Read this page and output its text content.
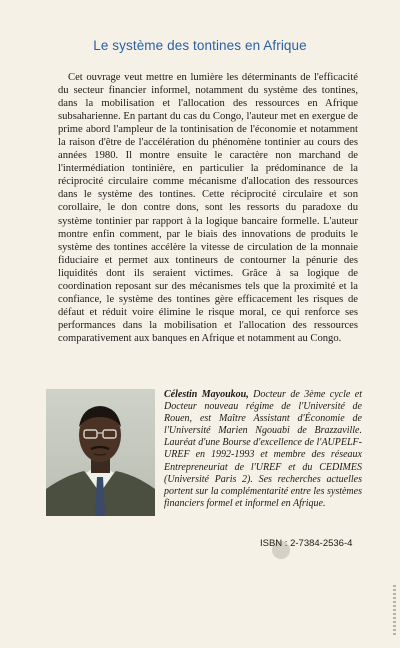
Le système des tontines en Afrique

Cet ouvrage veut mettre en lumière les déterminants de l'efficacité du secteur financier informel, notamment du système des tontines, dans la mobilisation et l'allocation des ressources en Afrique subsaharienne. En partant du cas du Congo, l'auteur met en exergue de prime abord l'ampleur de la tontinisation de l'économie et notamment la raison d'être de l'accélération du phénomène tontinier au cours des années 1980. Il montre ensuite le caractère non marchand de l'intermédiation tontinière, en particulier la prédominance de la réciprocité circulaire comme mécanisme d'allocation des ressources dans le système des tontines. Cette réciprocité circulaire et son corollaire, le don contre dons, sont les ressorts du paradoxe du système tontinier par rapport à la logique bancaire formelle. L'auteur montre enfin comment, par le biais des innovations de produits le système des tontines accélère la vitesse de circulation de la monnaie fiduciaire et permet aux tontineurs de contourner la pénurie des liquidités dont ils seraient victimes. Grâce à sa logique de coordination reposant sur des mécanismes tels que la proximité et la confiance, le système des tontines gère efficacement les risques de défaut et réduit voire élimine le risque moral, ce qui renforce ses performances dans la mobilisation et l'allocation des ressources comparativement aux banques en Afrique et notamment au Congo.

Célestin Mayoukou, Docteur de 3ème cycle et Docteur nouveau régime de l'Université de Rouen, est Maître Assistant d'Économie de l'Université Marien Ngouabi de Brazzaville. Lauréat d'une Bourse d'excellence de l'AUPELF-UREF en 1992-1993 et membre des réseaux Entrepreneuriat de l'UREF et du CEDIMES (Université Paris 2). Ses recherches actuelles portent sur la complémentarité entre les systèmes financiers formel et informel en Afrique.

ISBN : 2-7384-2536-4
